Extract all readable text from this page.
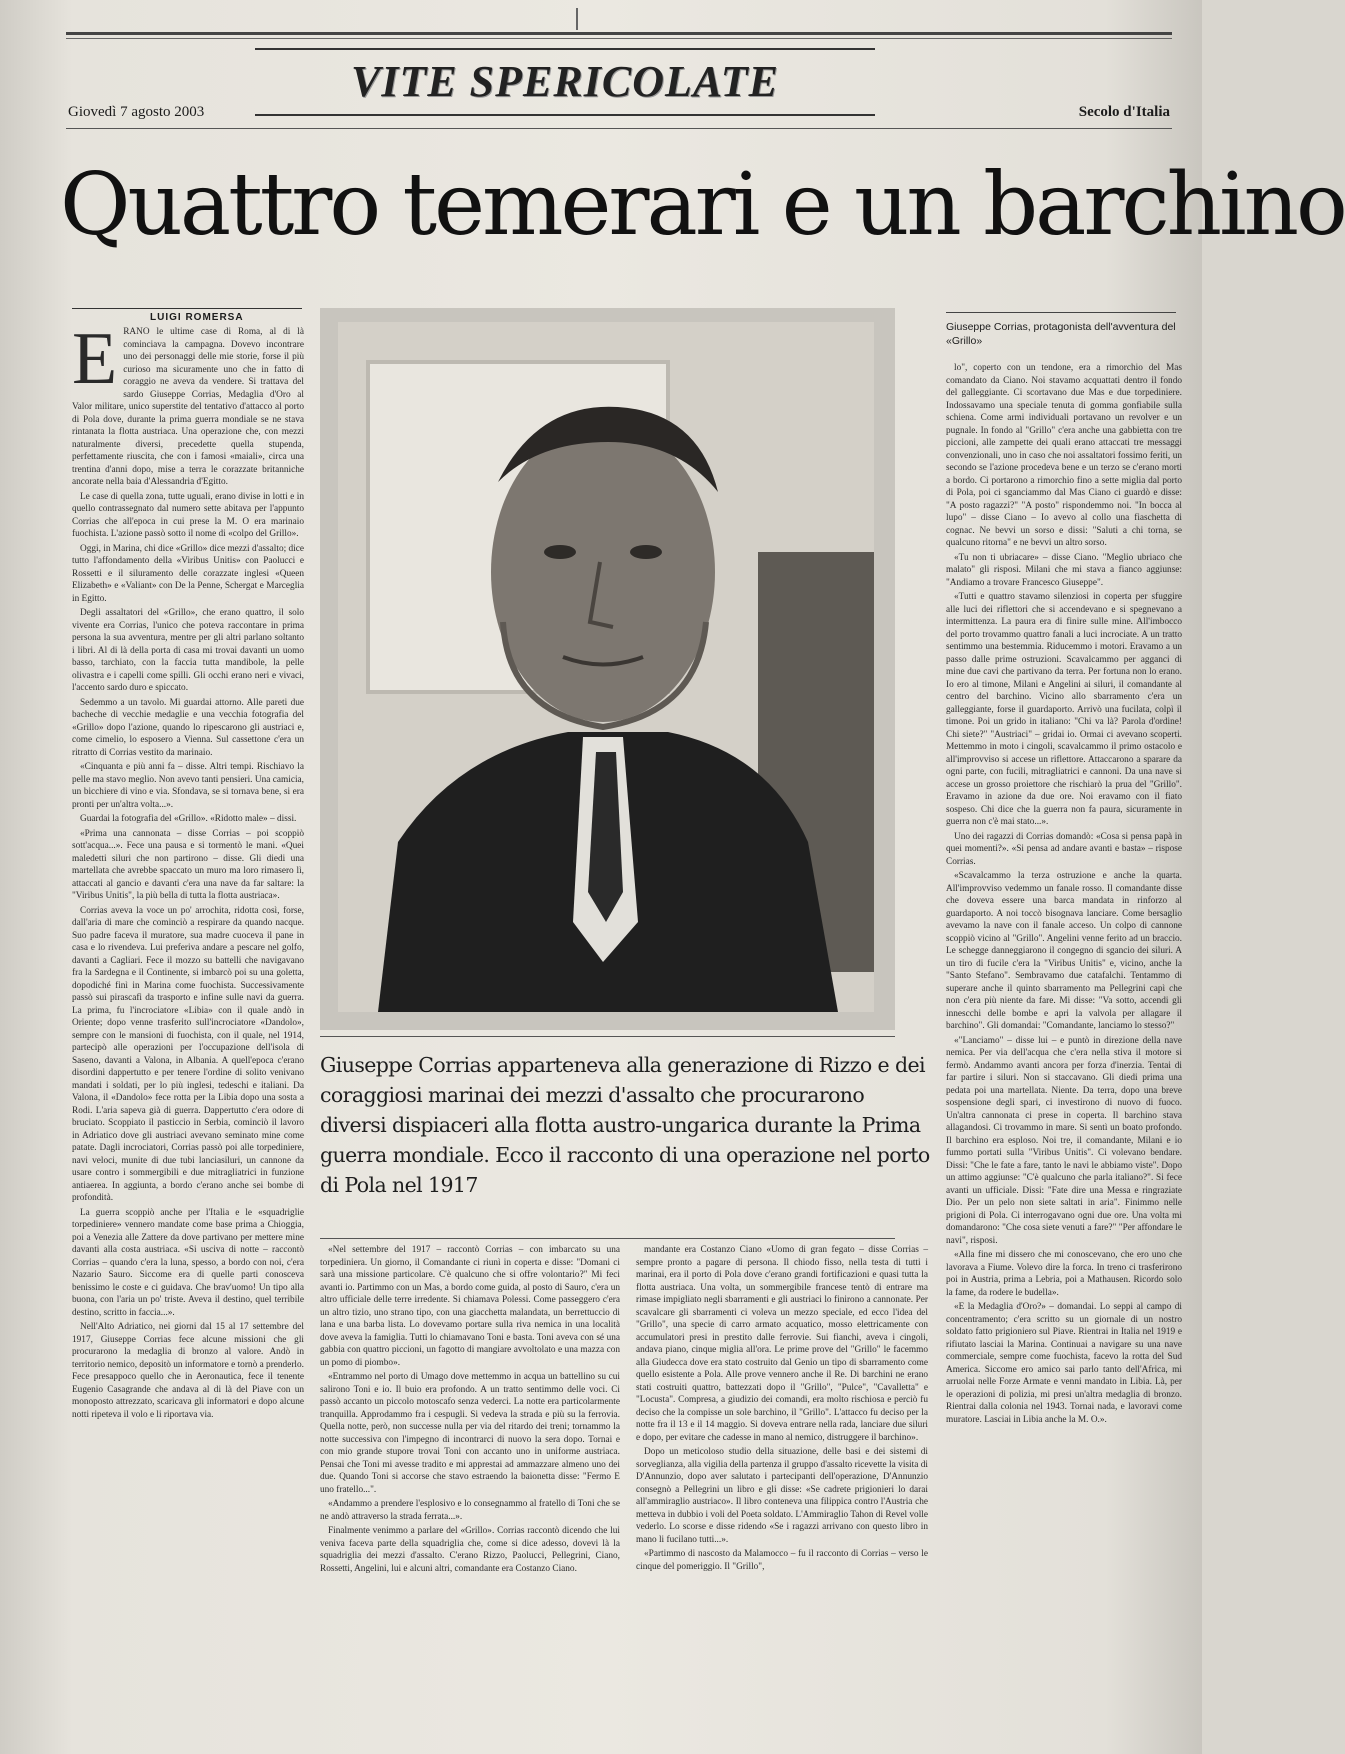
VITE SPERICOLATE
Giovedì 7 agosto 2003	Secolo d'Italia
Quattro temerari e un barchino
LUIGI ROMERSA
E RANO le ultime case di Roma, al di là cominciava la campagna. Dovevo incontrare uno dei personaggi delle mie storie, forse il più curioso ma sicuramente uno che in fatto di coraggio ne aveva da vendere. Si trattava del sardo Giuseppe Corrias, Medaglia d'Oro al Valor militare, unico superstite del tentativo d'attacco al porto di Pola dove, durante la prima guerra mondiale se ne stava rintanata la flotta austriaca. Una operazione che, con mezzi naturalmente diversi, precedette quella stupenda, perfettamente riuscita, che con i famosi «maiali», circa una trentina d'anni dopo, mise a terra le corazzate britanniche ancorate nella baia d'Alessandria d'Egitto.

Le case di quella zona, tutte uguali, erano divise in lotti e in quello contrassegnato dal numero sette abitava per l'appunto Corrias che all'epoca in cui prese la M. O era marinaio fuochista. L'azione passò sotto il nome di «colpo del Grillo».

Oggi, in Marina, chi dice «Grillo» dice mezzi d'assalto; dice tutto l'affondamento della «Viribus Unitis» con Paolucci e Rossetti e il siluramento delle corazzate inglesi «Queen Elizabeth» e «Valiant» con De la Penne, Schergat e Marceglia in Egitto.

Degli assaltatori del «Grillo», che erano quattro, il solo vivente era Corrias, l'unico che poteva raccontare in prima persona la sua avventura, mentre per gli altri parlano soltanto i libri. Al di là della porta di casa mi trovai davanti un uomo basso, tarchiato, con la faccia tutta mandibole, la pelle olivastra e i capelli come spilli. Gli occhi erano neri e vivaci, l'accento sardo duro e spiccato.

Sedemmo a un tavolo. Mi guardai attorno. Alle pareti due bacheche di vecchie medaglie e una vecchia fotografia del «Grillo» dopo l'azione, quando lo ripescarono gli austriaci e, come cimelio, lo esposero a Vienna. Sul cassettone c'era un ritratto di Corrias vestito da marinaio.

«Cinquanta e più anni fa – disse. Altri tempi. Rischiavo la pelle ma stavo meglio. Non avevo tanti pensieri. Una camicia, un bicchiere di vino e via. Sfondava, se si tornava bene, si era pronti per un'altra volta...».

Guardai la fotografia del «Grillo». «Ridotto male» – dissi.

«Prima una cannonata – disse Corrias – poi scoppiò sott'acqua...». Fece una pausa e si tormentò le mani. «Quei maledetti siluri che non partirono – disse. Gli diedi una martellata che avrebbe spaccato un muro ma loro rimasero lì, attaccati al gancio e davanti c'era una nave da far saltare: la "Viribus Unitis", la più bella di tutta la flotta austriaca».

Corrias aveva la voce un po' arrochita, ridotta così, forse, dall'aria di mare che cominciò a respirare da quando nacque. Suo padre faceva il muratore, sua madre cuoceva il pane in casa e lo rivendeva. Lui preferiva andare a pescare nel golfo, davanti a Cagliari. Fece il mozzo su battelli che navigavano fra la Sardegna e il Continente, si imbarcò poi su una goletta, dopodiché finì in Marina come fuochista. Successivamente passò sui pirascafi da trasporto e infine sulle navi da guerra. La prima, fu l'incrociatore «Libia» con il quale andò in Oriente; dopo venne trasferito sull'incrociatore «Dandolo», sempre con le mansioni di fuochista, con il quale, nel 1914, partecipò alle operazioni per l'occupazione dell'isola di Saseno, davanti a Valona, in Albania. A quell'epoca c'erano disordini dappertutto e per tenere l'ordine di solito venivano mandati i soldati, per lo più inglesi, tedeschi e italiani. Da Valona, il «Dandolo» fece rotta per la Libia dopo una sosta a Rodi. L'aria sapeva già di guerra. Dappertutto c'era odore di bruciato. Scoppiato il pasticcio in Serbia, cominciò il lavoro in Adriatico dove gli austriaci avevano seminato mine come patate. Dagli incrociatori, Corrias passò poi alle torpediniere, navi veloci, munite di due tubi lanciasiluri, un cannone da usare contro i sommergibili e due mitragliatrici in funzione antiaerea. In aggiunta, a bordo c'erano anche sei bombe di profondità.

La guerra scoppiò anche per l'Italia e le «squadriglie torpediniere» vennero mandate come base prima a Chioggia, poi a Venezia alle Zattere da dove partivano per mettere mine davanti alla costa austriaca. «Si usciva di notte – raccontò Corrias – quando c'era la luna, spesso, a bordo con noi, c'era Nazario Sauro. Siccome era di quelle parti conosceva benissimo le coste e ci guidava. Che brav'uomo! Un tipo alla buona, con l'aria un po' triste. Aveva il destino, quel terribile destino, scritto in faccia...».

Nell'Alto Adriatico, nei giorni dal 15 al 17 settembre del 1917, Giuseppe Corrias fece alcune missioni che gli procurarono la medaglia di bronzo al valore. Andò in territorio nemico, depositò un informatore e tornò a prenderlo. Fece presappoco quello che in Aeronautica, fece il tenente Eugenio Casagrande che andava al di là del Piave con un monoposto attrezzato, scaricava gli informatori e dopo alcune notti ripeteva il volo e li riportava via.

Giuseppe Corrias, protagonista dell'avventura del «Grillo»

lo", coperto con un tendone, era a rimorchio del Mas comandato da Ciano. Noi stavamo acquattati dentro il fondo del galleggiante. Ci scortavano due Mas e due torpediniere. Indossavamo una speciale tenuta di gomma gonfiabile sulla schiena. Come armi individuali portavano un revolver e un pugnale. In fondo al "Grillo" c'era anche una gabbietta con tre piccioni, alle zampette dei quali erano attaccati tre messaggi convenzionali, uno in caso che noi assaltatori fossimo feriti, un secondo se l'azione procedeva bene e un terzo se c'erano morti a bordo. Ci portarono a rimorchio fino a sette miglia dal porto di Pola, poi ci sganciammo dal Mas Ciano ci guardò e disse: "A posto ragazzi?" "A posto" rispondemmo noi. "In bocca al lupo" – disse Ciano – Io avevo al collo una fiaschetta di cognac. Ne bevvi un sorso e dissi: "Saluti a chi torna, se qualcuno ritorna" e ne bevvi un altro sorso.

«Tu non ti ubriacare» – disse Ciano. "Meglio ubriaco che malato" gli risposi. Milani che mi stava a fianco aggiunse: "Andiamo a trovare Francesco Giuseppe".

«Tutti e quattro stavamo silenziosi in coperta per sfuggire alle luci dei riflettori che si accendevano e si spegnevano a intermittenza. La paura era di finire sulle mine. All'imbocco del porto trovammo quattro fanali a luci incrociate. A un tratto sentimmo una bestemmia. Riducemmo i motori. Eravamo a un passo dalle prime ostruzioni. Scavalcammo per agganci di mine due cavi che partivano da terra. Per fortuna non lo erano. Io ero al timone, Milani e Angelini ai siluri, il comandante al centro del barchino. Vicino allo sbarramento c'era un galleggiante, forse il guardaporto. Arrivò una fucilata, colpì il timone. Poi un grido in italiano: "Chi va là? Parola d'ordine! Chi siete?" "Austriaci" – gridai io. Ormai ci avevano scoperti. Mettemmo in moto i cingoli, scavalcammo il primo ostacolo e all'improvviso si accese un riflettore. Attaccarono a sparare da ogni parte, con fucili, mitragliatrici e cannoni. Da una nave si accese un grosso proiettore che rischiarò la prua del "Grillo". Eravamo in azione da due ore. Noi eravamo con il fiato sospeso. Chi dice che la guerra non fa paura, sicuramente in guerra non c'è mai stato...».

Uno dei ragazzi di Corrias domandò: «Cosa si pensa papà in quei momenti?». «Si pensa ad andare avanti e basta» – rispose Corrias.

«Scavalcammo la terza ostruzione e anche la quarta. All'improvviso vedemmo un fanale rosso. Il comandante disse che doveva essere una barca mandata in rinforzo al guardaporto. A noi toccò bisognava lanciare. Come bersaglio avevamo la nave con il fanale acceso. Un colpo di cannone scoppiò vicino al "Grillo". Angelini venne ferito ad un braccio. Le schegge danneggiarono il congegno di sgancio dei siluri. A un tiro di fucile c'era la "Viribus Unitis" e, vicino, anche la "Santo Stefano". Sembravamo due catafalchi. Tentammo di superare anche il quinto sbarramento ma Pellegrini capì che non c'era più niente da fare. Mi disse: "Va sotto, accendi gli innescchi delle bombe e apri la valvola per allagare il barchino". Gli domandai: "Comandante, lanciamo lo stesso?"

«"Lanciamo" – disse lui – e puntò in direzione della nave nemica. Per via dell'acqua che c'era nella stiva il motore si fermò. Andammo avanti ancora per forza d'inerzia. Tentai di far partire i siluri. Non si staccavano. Gli diedi prima una pedata poi una martellata. Niente. Da terra, dopo una breve sospensione degli spari, ci investirono di nuovo di fuoco. Un'altra cannonata ci prese in coperta. Il barchino stava allagandosi. Ci trovammo in mare. Si sentì un boato profondo. Il barchino era esploso. Noi tre, il comandante, Milani e io fummo portati sulla "Viribus Unitis". Ci volevano bendare. Dissi: "Che le fate a fare, tanto le navi le abbiamo viste". Dopo un attimo aggiunse: "C'è qualcuno che parla italiano?". Si fece avanti un ufficiale. Dissi: "Fate dire una Messa e ringraziate Dio. Per un pelo non siete saltati in aria". Finimmo nelle prigioni di Pola. Ci interrogavano ogni due ore. Una volta mi domandarono: "Che cosa siete venuti a fare?" "Per affondare le navi", risposi.

«Alla fine mi dissero che mi conoscevano, che ero uno che lavorava a Fiume. Volevo dire la forca. In treno ci trasferirono poi in Austria, prima a Lebria, poi a Mathausen. Ricordo solo la fame, da rodere le budella».

«E la Medaglia d'Oro?» – domandai. Lo seppi al campo di concentramento; c'era scritto su un giornale di un nostro soldato fatto prigioniero sul Piave. Rientrai in Italia nel 1919 e rifiutato lasciai la Marina. Continuai a navigare su una nave commerciale, sempre come fuochista, facevo la rotta del Sud America. Siccome ero amico sai parlo tanto dell'Africa, mi arruolai nelle Forze Armate e venni mandato in Libia. Là, per le operazioni di polizia, mi presi un'altra medaglia di bronzo. Rientrai dalla colonia nel 1943. Tornai nada, e lavoravi come muratore. Lasciai in Libia anche la M. O.».

Giuseppe Corrias apparteneva alla generazione di Rizzo e dei coraggiosi marinai dei mezzi d'assalto che procurarono diversi dispiaceri alla flotta austro-ungarica durante la Prima guerra mondiale. Ecco il racconto di una operazione nel porto di Pola nel 1917

«Nel settembre del 1917 – raccontò Corrias – con imbarcato su una torpediniera. Un giorno, il Comandante ci riunì in coperta e disse: "Domani ci sarà una missione particolare. C'è qualcuno che si offre volontario?" Mi feci avanti io. Partimmo con un Mas, a bordo come guida, al posto di Sauro, c'era un altro ufficiale delle terre irredente. Si chiamava Polessi. Come passeggero c'era un altro tizio, uno strano tipo, con una giacchetta malandata, un berrettuccio di lana e una barba lista. Lo dovevamo portare sulla riva nemica in una località dove aveva la famiglia. Tutti lo chiamavano Toni e basta. Toni aveva con sé una gabbia con quattro piccioni, un fagotto di mangiare avvoltolato e una mazza con un pomo di piombo».

«Entrammo nel porto di Umago dove mettemmo in acqua un battellino su cui salirono Toni e io. Il buio era profondo. A un tratto sentimmo delle voci. Ci passò accanto un piccolo motoscafo senza vederci. La notte era particolarmente tranquilla. Approdammo fra i cespugli. Si vedeva la strada e più su la ferrovia. Quella notte, però, non successe nulla per via del ritardo dei treni; tornammo la notte successiva con l'impegno di incontrarci di nuovo la sera dopo. Tornai e con mio grande stupore trovai Toni con accanto uno in uniforme austriaca. Pensai che Toni mi avesse tradito e mi apprestai ad ammazzare almeno uno dei due. Quando Toni si accorse che stavo estraendo la baionetta disse: "Fermo E uno fratello...".

«Andammo a prendere l'esplosivo e lo consegnammo al fratello di Toni che se ne andò attraverso la strada ferrata...».

Finalmente venimmo a parlare del «Grillo». Corrias raccontò dicendo che lui veniva faceva parte della squadriglia che, come si dice adesso, dovevi là la squadriglia dei mezzi d'assalto. C'erano Rizzo, Paolucci, Pellegrini, Ciano, Rossetti, Angelini, lui e alcuni altri, comandante era Costanzo Ciano.

mandante era Costanzo Ciano «Uomo di gran fegato – disse Corrias – sempre pronto a pagare di persona. Il chiodo fisso, nella testa di tutti i marinai, era il porto di Pola dove c'erano grandi fortificazioni e quasi tutta la flotta austriaca. Una volta, un sommergibile francese tentò di entrare ma rimase impigliato negli sbarramenti e gli austriaci lo finirono a cannonate. Per scavalcare gli sbarramenti ci voleva un mezzo speciale, ed ecco l'idea del "Grillo", una specie di carro armato acquatico, mosso elettricamente con accumulatori presi in prestito dalle ferrovie. Sui fianchi, aveva i cingoli, andava piano, cinque miglia all'ora. Le prime prove del "Grillo" le facemmo alla Giudecca dove era stato costruito dal Genio un tipo di sbarramento come quello esistente a Pola. Alle prove vennero anche il Re. Di barchini ne erano stati costruiti quattro, battezzati dopo il "Grillo", "Pulce", "Cavalletta" e "Locusta". Compresa, a giudizio dei comandi, era molto rischiosa e perciò fu deciso che la compisse un sole barchino, il "Grillo". L'attacco fu deciso per la notte fra il 13 e il 14 maggio. Si doveva entrare nella rada, lanciare due siluri e dopo, per evitare che cadesse in mano al nemico, distruggere il barchino».

Dopo un meticoloso studio della situazione, delle basi e dei sistemi di sorveglianza, alla vigilia della partenza il gruppo d'assalto ricevette la visita di D'Annunzio, dopo aver salutato i partecipanti dell'operazione, D'Annunzio consegnò a Pellegrini un libro e gli disse: «Se cadrete prigionieri lo darai all'ammiraglio austriaco». Il libro conteneva una filippica contro l'Austria che metteva in dubbio i voli del Poeta soldato. L'Ammiraglio Tahon di Revel volle vederlo. Lo scorse e disse ridendo «Se i ragazzi arrivano con questo libro in mano li fucilano tutti...».

«Partimmo di nascosto da Malamocco – fu il racconto di Corrias – verso le cinque del pomeriggio. Il "Grillo",
